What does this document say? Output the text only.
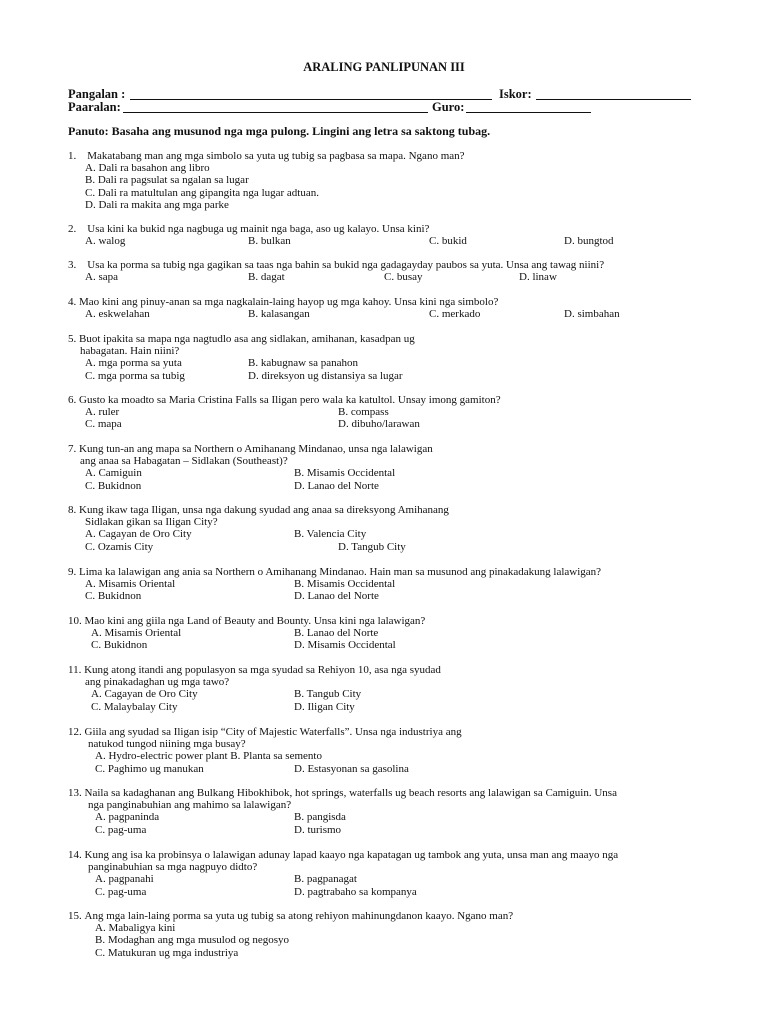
ARALING PANLIPUNAN III
Pangalan :	Iskor:
Paaralan:	Guro:
Panuto: Basaha ang musunod nga mga pulong. Lingini ang letra sa saktong tubag.
1. Makatabang man ang mga simbolo sa yuta ug tubig sa pagbasa sa mapa. Ngano man?
A. Dali ra basahon ang libro
B. Dali ra pagsulat sa ngalan sa lugar
C. Dali ra matultulan ang gipangita nga lugar adtuan.
D. Dali ra makita ang mga parke
2. Usa kini ka bukid nga nagbuga ug mainit nga baga, aso ug kalayo. Unsa kini?
A. walog	B. bulkan	C. bukid	D. bungtod
3. Usa ka porma sa tubig nga gagikan sa taas nga bahin sa bukid nga gadagayday paubos sa yuta. Unsa ang tawag niini?
A. sapa	B. dagat	C. busay	D. linaw
4. Mao kini ang pinuy-anan sa mga nagkalain-laing hayop ug mga kahoy. Unsa kini nga simbolo?
A. eskwelahan	B. kalasangan	C. merkado	D. simbahan
5. Buot ipakita sa mapa nga nagtudlo asa ang sidlakan, amihanan, kasadpan ug
habagatan. Hain niini?
A. mga porma sa yuta	B. kabugnaw sa panahon
C. mga porma sa tubig	D. direksyon ug distansiya sa lugar
6. Gusto ka moadto sa Maria Cristina Falls sa Iligan pero wala ka katultol. Unsay imong gamiton?
A. ruler	B. compass
C. mapa	D. dibuho/larawan
7. Kung tun-an ang mapa sa Northern o Amihanang Mindanao, unsa nga lalawigan
ang anaa sa Habagatan – Sidlakan (Southeast)?
A. Camiguin	B. Misamis Occidental
C. Bukidnon	D. Lanao del Norte
8. Kung ikaw taga Iligan, unsa nga dakung syudad ang anaa sa direksyong Amihanang
Sidlakan gikan sa Iligan City?
A. Cagayan de Oro City	B. Valencia City
C. Ozamis City	D. Tangub City
9. Lima ka lalawigan ang ania sa Northern o Amihanang Mindanao. Hain man sa musunod ang pinakadakung lalawigan?
A. Misamis Oriental	B. Misamis Occidental
C. Bukidnon	D. Lanao del Norte
10. Mao kini ang giila nga Land of Beauty and Bounty. Unsa kini nga lalawigan?
A. Misamis Oriental	B. Lanao del Norte
C. Bukidnon	D. Misamis Occidental
11. Kung atong itandi ang populasyon sa mga syudad sa Rehiyon 10, asa nga syudad
ang pinakadaghan ug mga tawo?
A. Cagayan de Oro City	B. Tangub City
C. Malaybalay City	D. Iligan City
12. Giila ang syudad sa Iligan isip “City of Majestic Waterfalls”. Unsa nga industriya ang
natukod tungod niining mga busay?
A. Hydro-electric power plant B. Planta sa semento
C. Paghimo ug manukan	D. Estasyonan sa gasolina
13. Naila sa kadaghanan ang Bulkang Hibokhibok, hot springs, waterfalls ug beach resorts ang lalawigan sa Camiguin. Unsa
nga panginabuhian ang mahimo sa lalawigan?
A. pagpaninda	B. pangisda
C. pag-uma	D. turismo
14. Kung ang isa ka probinsya o lalawigan adunay lapad kaayo nga kapatagan ug tambok ang yuta, unsa man ang maayo nga
panginabuhian sa mga nagpuyo didto?
A. pagpanahi	B. pagpanagat
C. pag-uma	D. pagtrabaho sa kompanya
15. Ang mga lain-laing porma sa yuta ug tubig sa atong rehiyon mahinungdanon kaayo. Ngano man?
A. Mabaligya kini
B. Modaghan ang mga musulod og negosyo
C. Matukuran ug mga industriya
